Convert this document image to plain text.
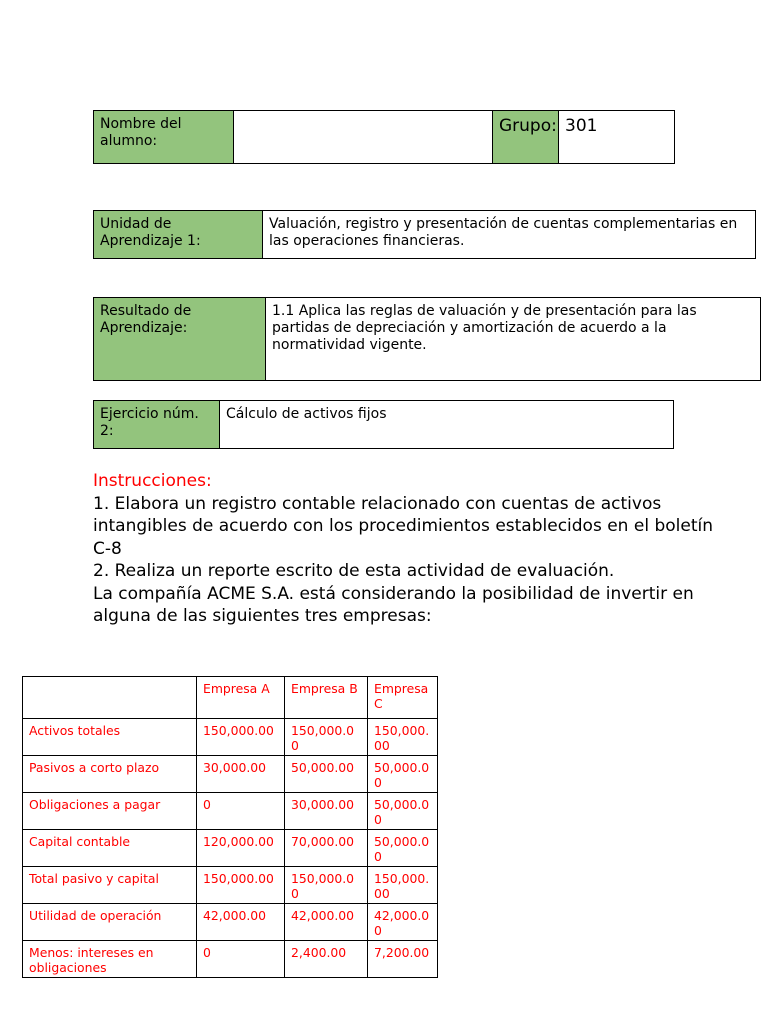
Nombre del alumno:
Grupo: 301
Unidad de Aprendizaje 1:
Valuación, registro y presentación de cuentas complementarias en las operaciones financieras.
Resultado de Aprendizaje:
1.1 Aplica las reglas de valuación y de presentación para las partidas de depreciación y amortización de acuerdo a la normatividad vigente.
Ejercicio núm. 2:
Cálculo de activos fijos
Instrucciones:
1. Elabora un registro contable relacionado con cuentas de activos intangibles de acuerdo con los procedimientos establecidos en el boletín C-8
2. Realiza un reporte escrito de esta actividad de evaluación.
La compañía ACME S.A. está considerando la posibilidad de invertir en alguna de las siguientes tres empresas:
	Empresa A	Empresa B	Empresa C
Activos totales	150,000.00	150,000.00	150,000.00
Pasivos a corto plazo	30,000.00	50,000.00	50,000.00
Obligaciones a pagar	0	30,000.00	50,000.00
Capital contable	120,000.00	70,000.00	50,000.00
Total pasivo y capital	150,000.00	150,000.00	150,000.00
Utilidad de operación	42,000.00	42,000.00	42,000.00
Menos: intereses en obligaciones	0	2,400.00	7,200.00
